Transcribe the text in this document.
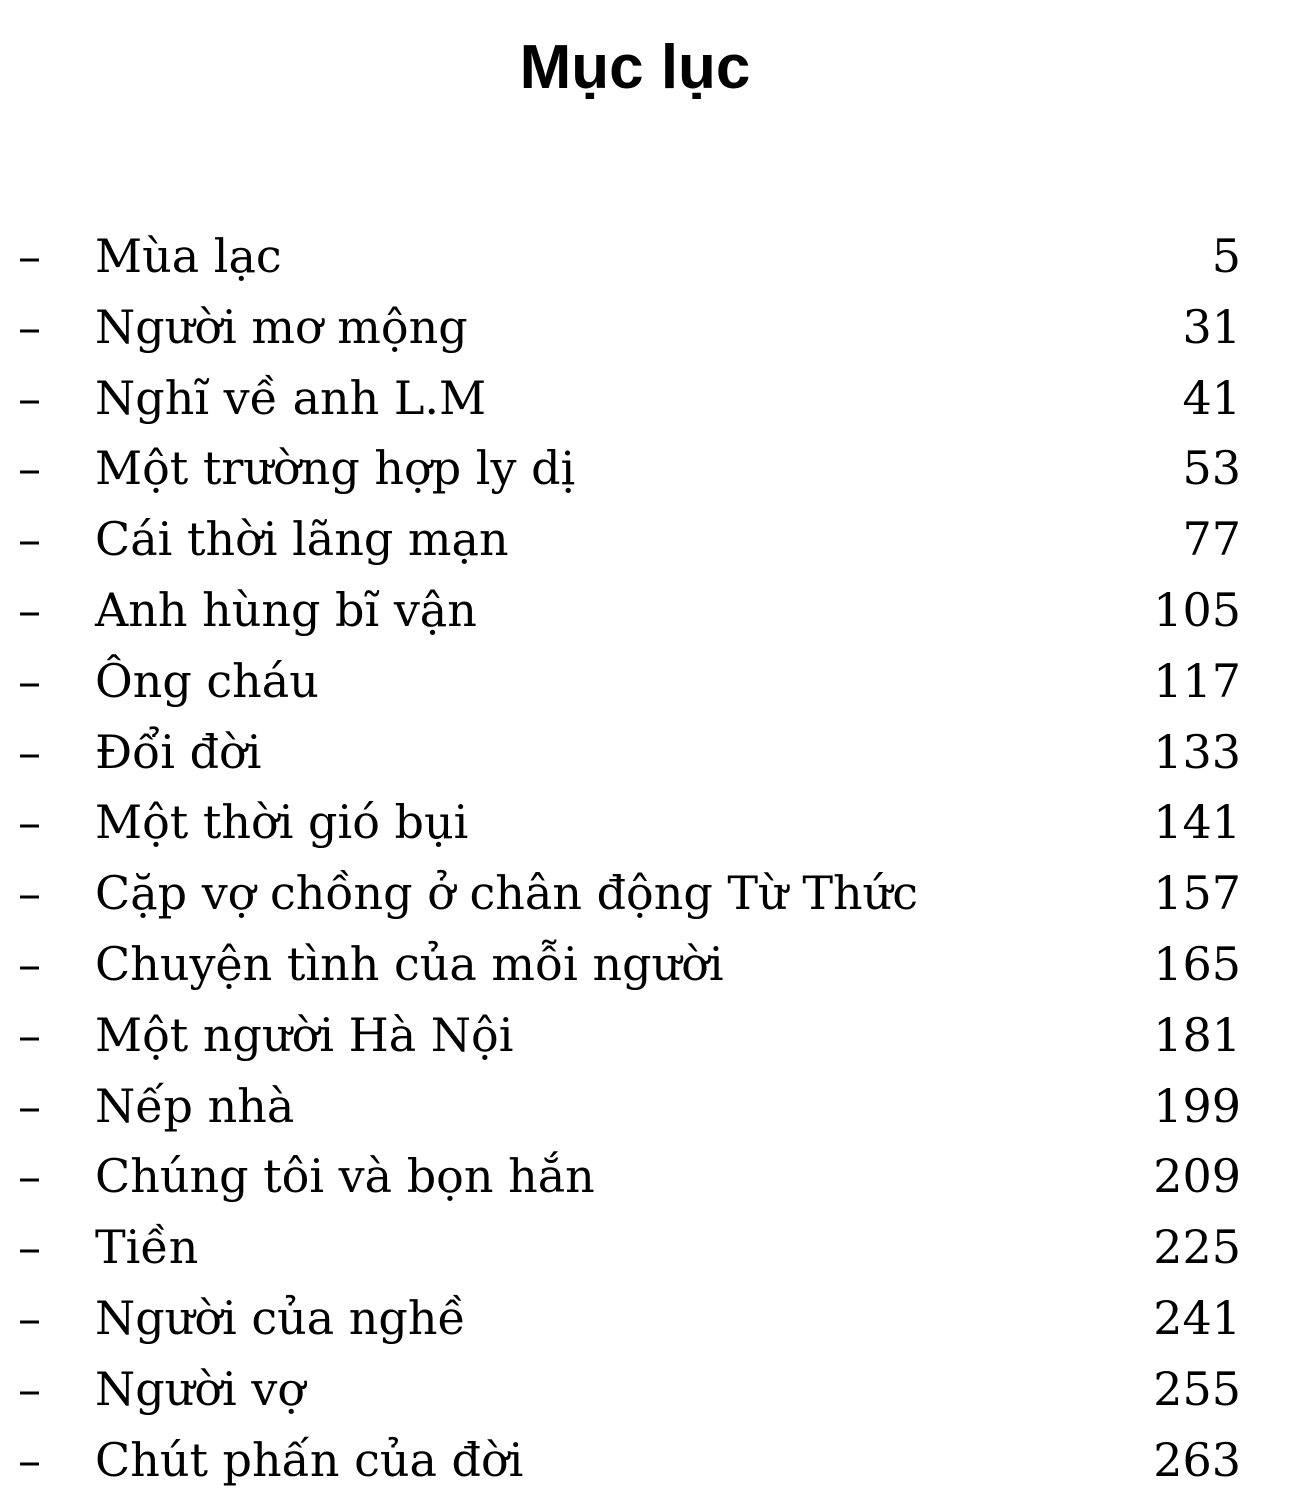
Mục lục
– Mùa lạc	5
– Người mơ mộng	31
– Nghĩ về anh L.M	41
– Một trường hợp ly dị	53
– Cái thời lãng mạn	77
– Anh hùng bĩ vận	105
– Ông cháu	117
– Đổi đời	133
– Một thời gió bụi	141
– Cặp vợ chồng ở chân động Từ Thức	157
– Chuyện tình của mỗi người	165
– Một người Hà Nội	181
– Nếp nhà	199
– Chúng tôi và bọn hắn	209
– Tiền	225
– Người của nghề	241
– Người vợ	255
– Chút phấn của đời	263
